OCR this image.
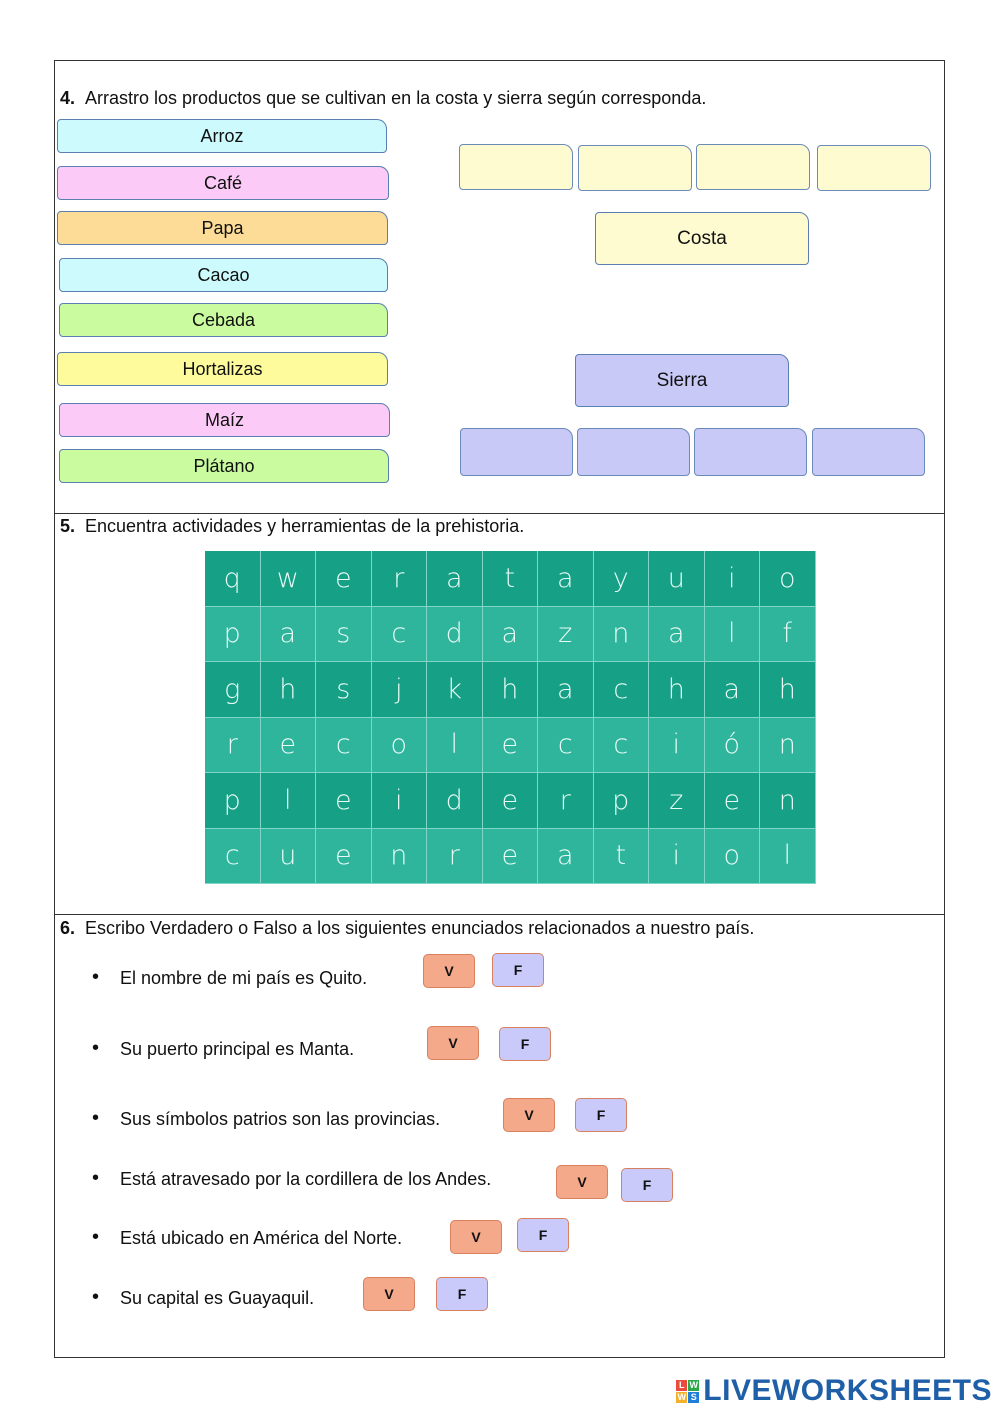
4. Arrastro los productos que se cultivan en la costa y sierra según corresponda.
Arroz
Café
Papa
Cacao
Cebada
Hortalizas
Maíz
Plátano
Costa
Sierra
5. Encuentra actividades y herramientas de la prehistoria.
q	w	e	r	a	t	a	y	u	i	o
p	a	s	c	d	a	z	n	a	l	f
g	h	s	j	k	h	a	c	h	a	h
r	e	c	o	l	e	c	c	i	ó	n
p	l	e	i	d	e	r	p	z	e	n
c	u	e	n	r	e	a	t	i	o	l
6. Escribo Verdadero o Falso a los siguientes enunciados relacionados a nuestro país.
• El nombre de mi país es Quito.	V	F
• Su puerto principal es Manta.	V	F
• Sus símbolos patrios son las provincias.	V	F
• Está atravesado por la cordillera de los Andes.	V	F
• Está ubicado en América del Norte.	V	F
• Su capital es Guayaquil.	V	F
L W
W S LIVEWORKSHEETS
